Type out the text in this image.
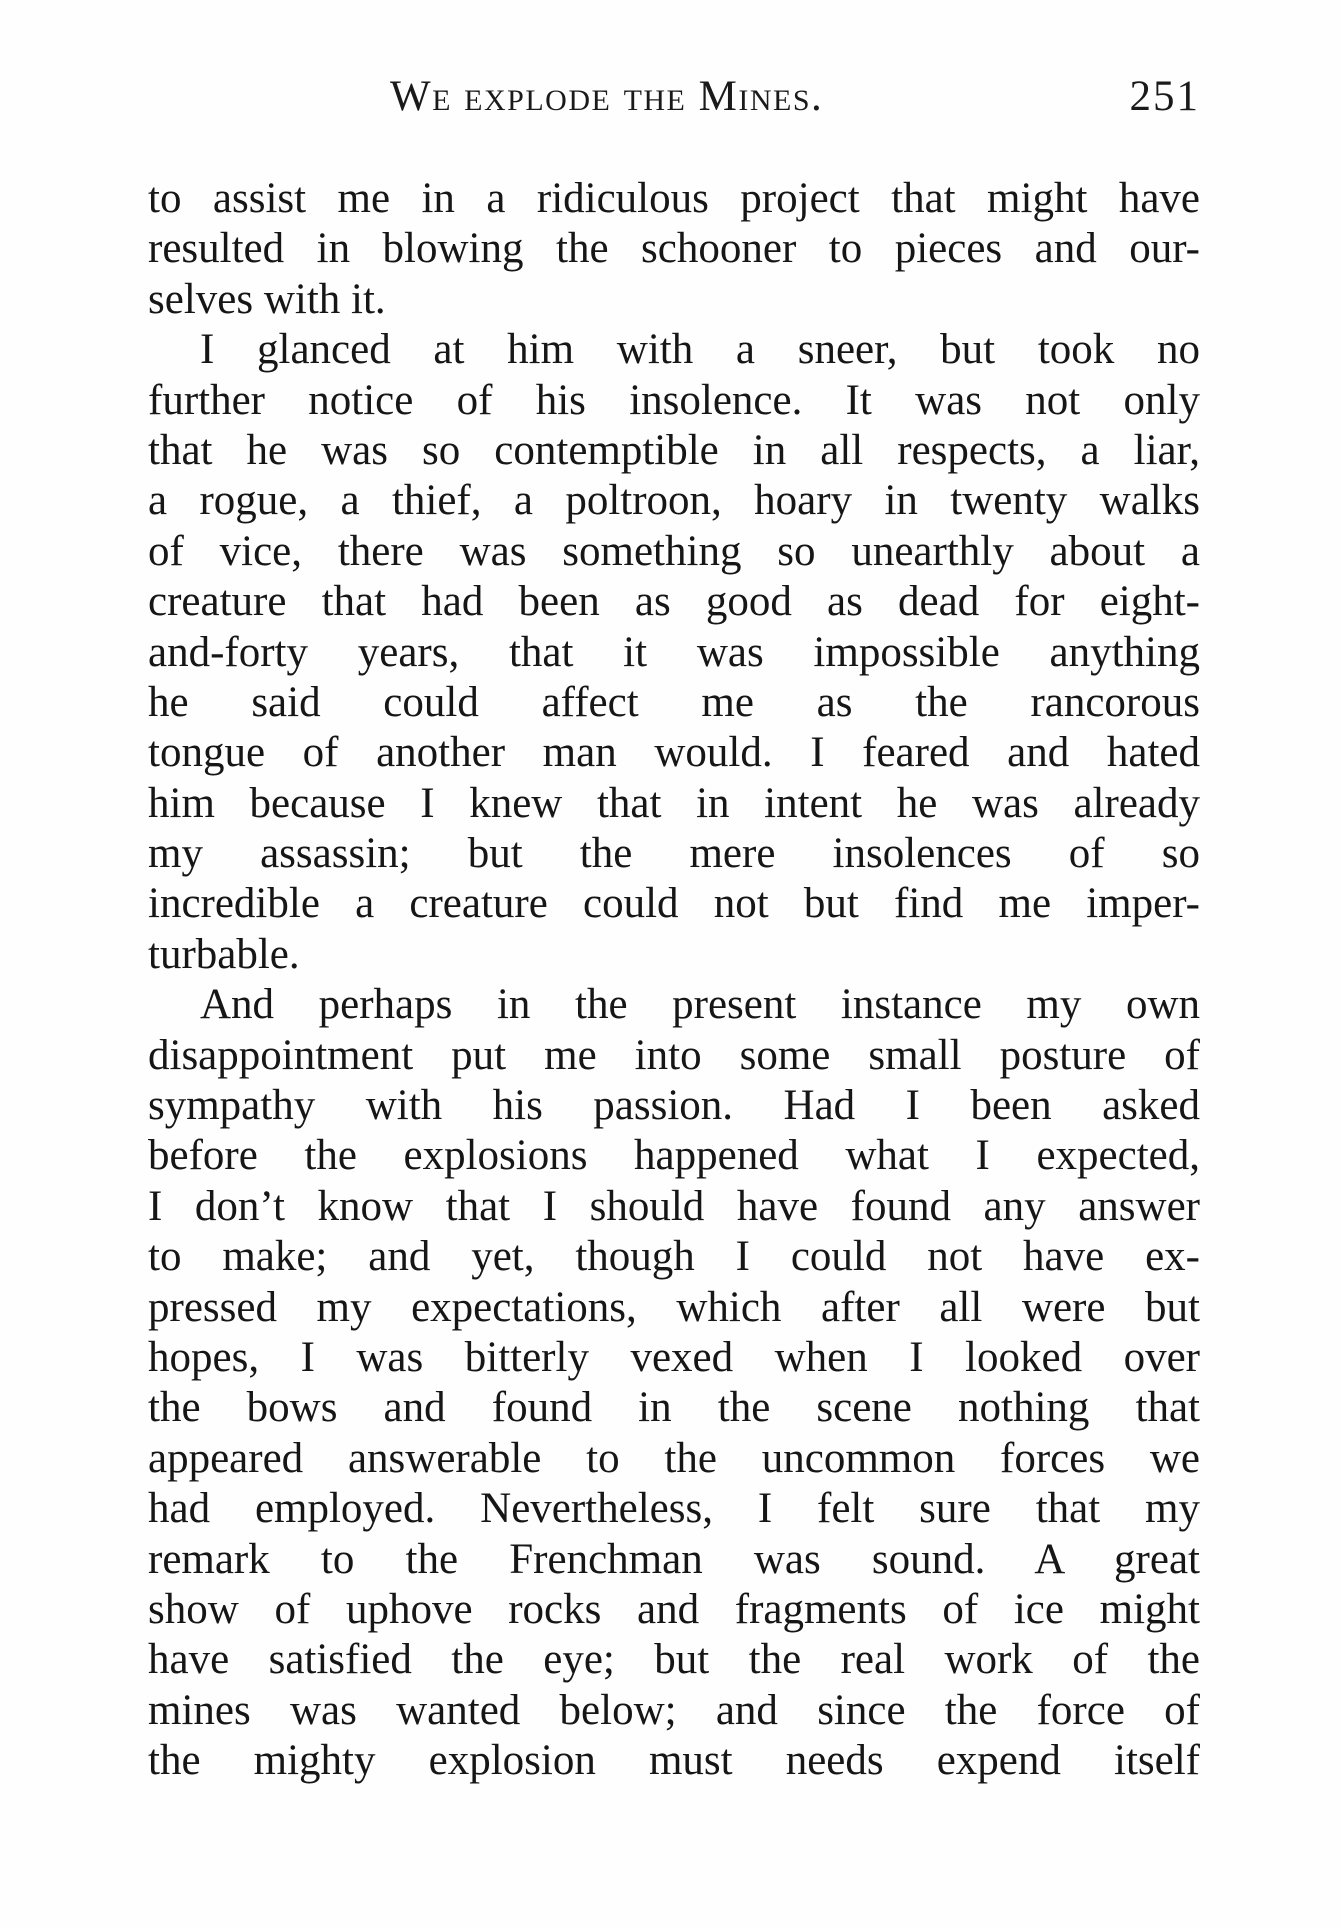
We explode the Mines.	251
to assist me in a ridiculous project that might have
resulted in blowing the schooner to pieces and our-
selves with it.
I glanced at him with a sneer, but took no
further notice of his insolence. It was not only
that he was so contemptible in all respects, a liar,
a rogue, a thief, a poltroon, hoary in twenty walks
of vice, there was something so unearthly about a
creature that had been as good as dead for eight-
and-forty years, that it was impossible anything
he said could affect me as the rancorous
tongue of another man would. I feared and hated
him because I knew that in intent he was already
my assassin; but the mere insolences of so
incredible a creature could not but find me imper-
turbable.
And perhaps in the present instance my own
disappointment put me into some small posture of
sympathy with his passion. Had I been asked
before the explosions happened what I expected,
I don’t know that I should have found any answer
to make; and yet, though I could not have ex-
pressed my expectations, which after all were but
hopes, I was bitterly vexed when I looked over
the bows and found in the scene nothing that
appeared answerable to the uncommon forces we
had employed. Nevertheless, I felt sure that my
remark to the Frenchman was sound. A great
show of uphove rocks and fragments of ice might
have satisfied the eye; but the real work of the
mines was wanted below; and since the force of
the mighty explosion must needs expend itself
